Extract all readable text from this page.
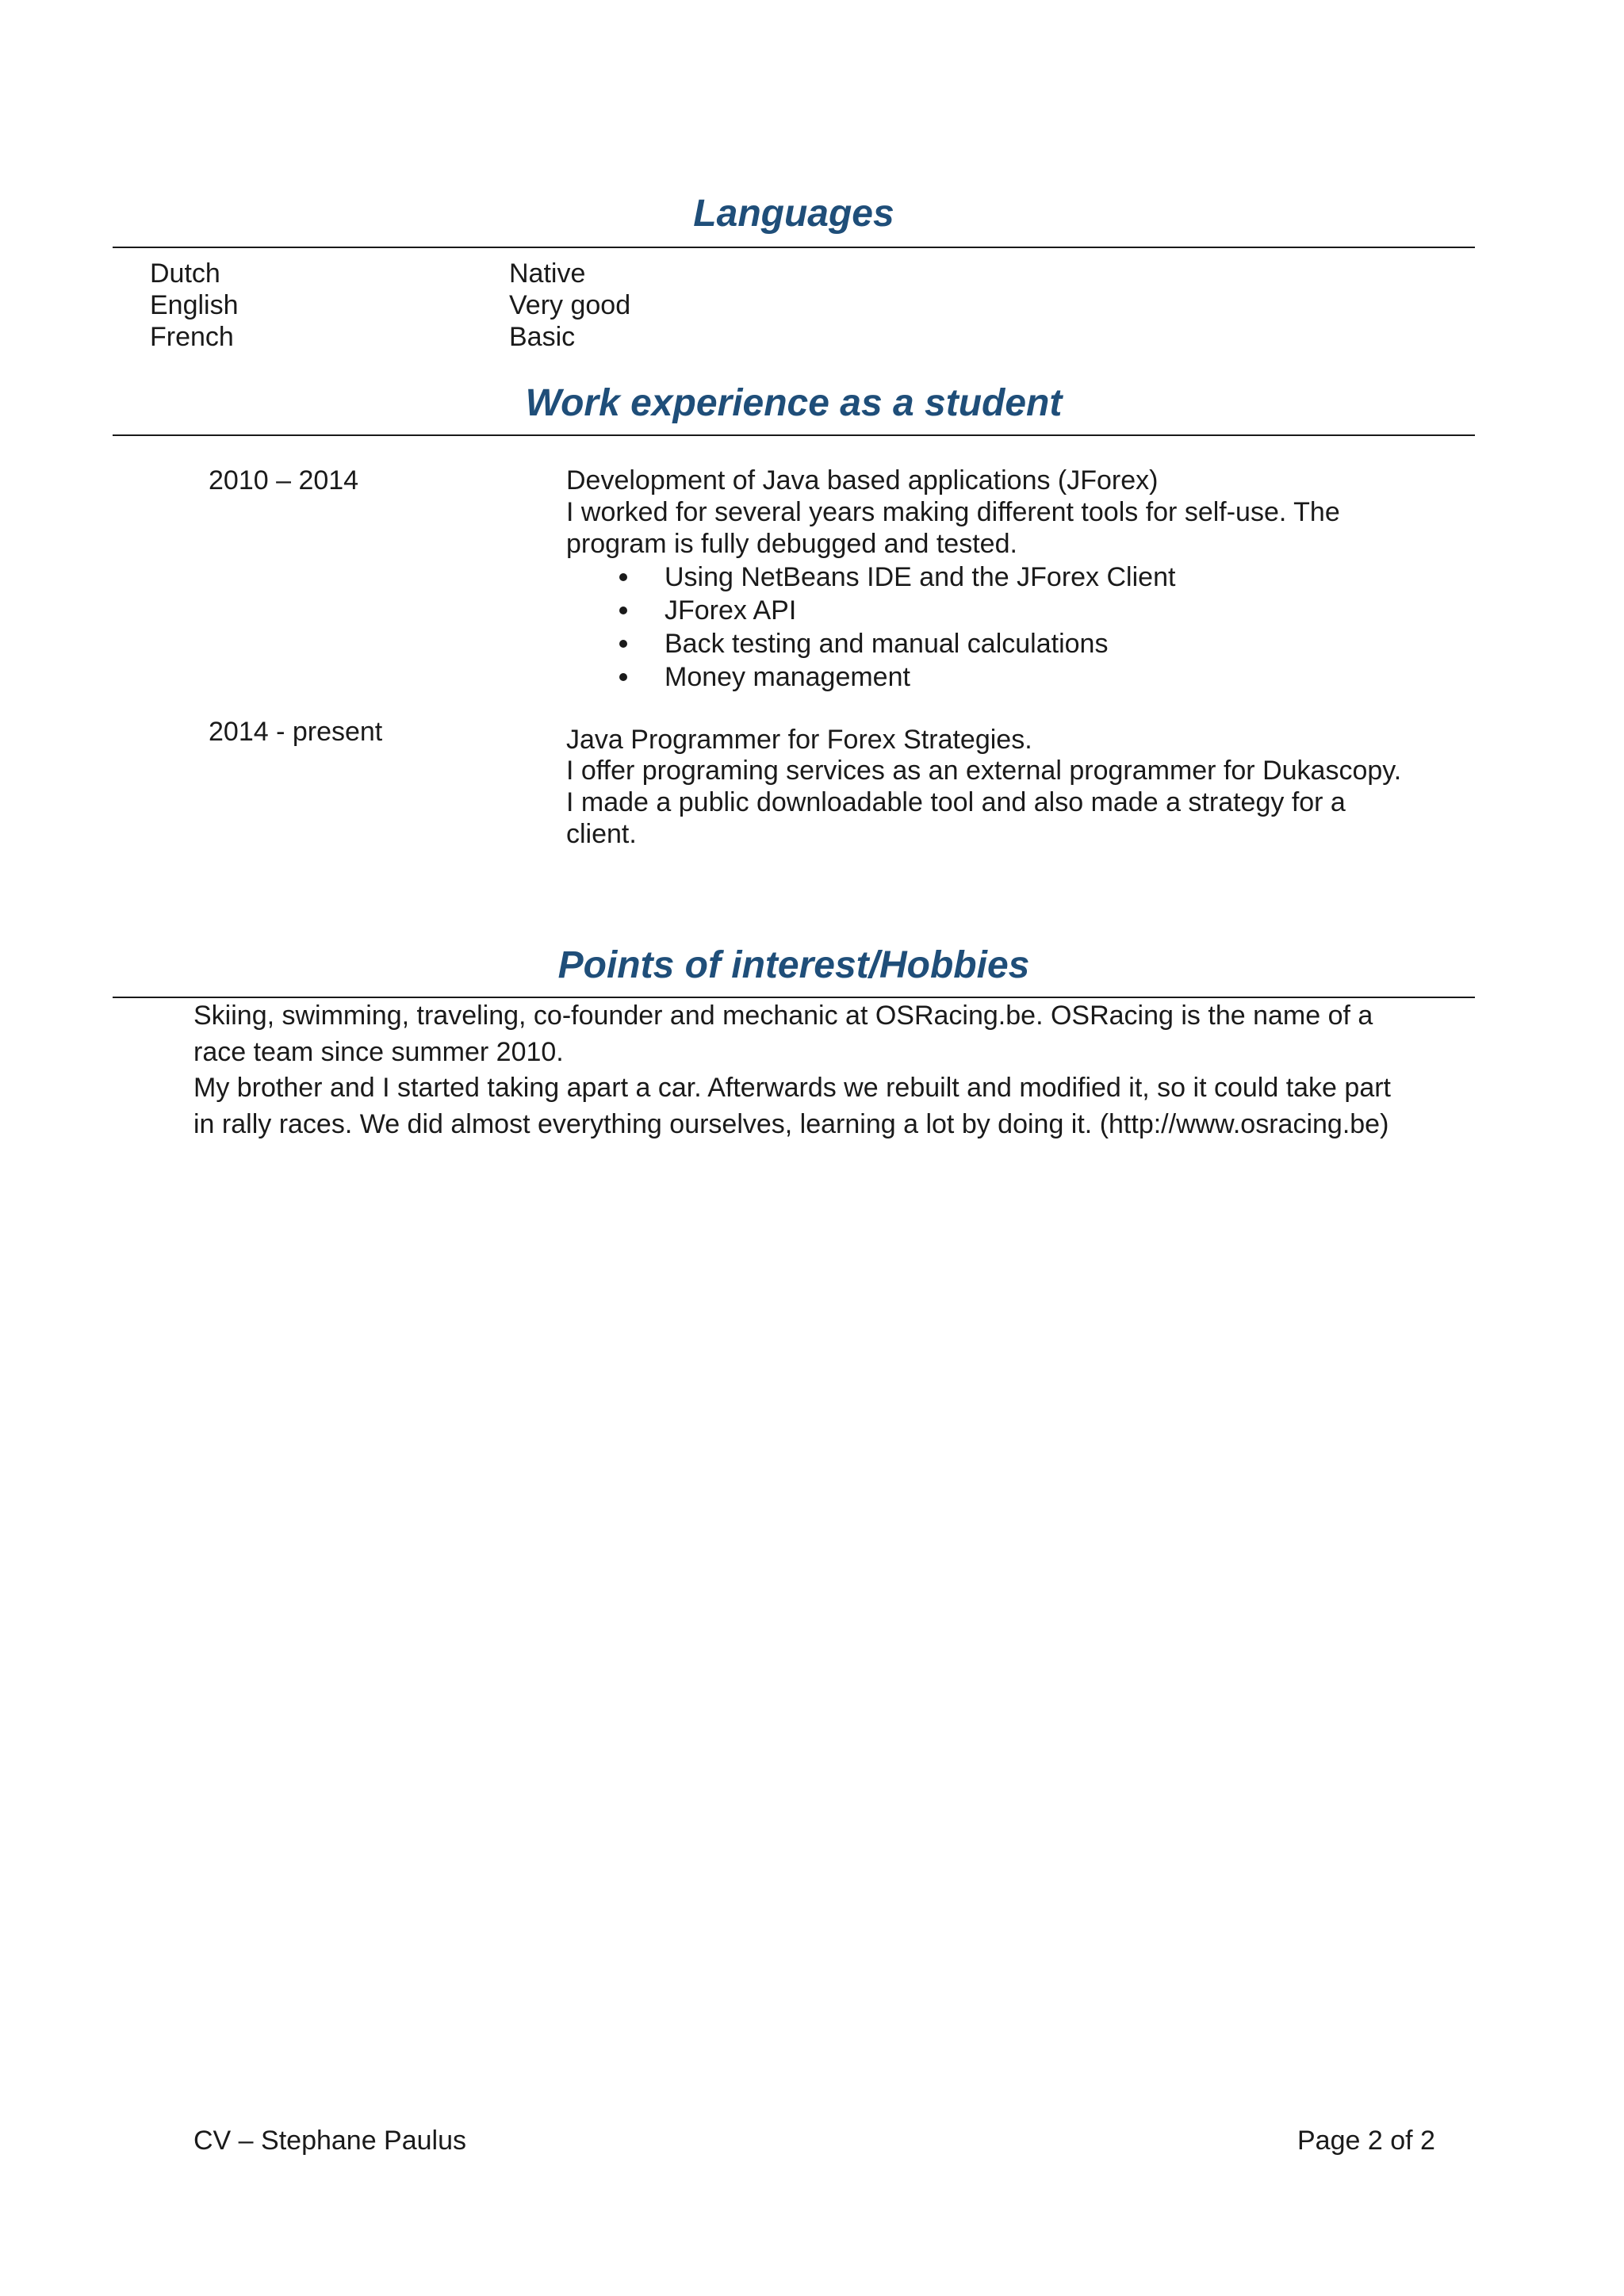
Languages
Dutch	Native
English	Very good
French	Basic
Work experience as a student
2010 – 2014	Development of Java based applications (JForex)
I worked for several years making different tools for self-use. The
program is fully debugged and tested.
Using NetBeans IDE and the JForex Client
JForex API
Back testing and manual calculations
Money management
2014 - present	Java Programmer for Forex Strategies.
I offer programing services as an external programmer for Dukascopy.
I made a public downloadable tool and also made a strategy for a
client.
Points of interest/Hobbies
Skiing, swimming, traveling, co-founder and mechanic at OSRacing.be. OSRacing is the name of a
race team since summer 2010.
My brother and I started taking apart a car. Afterwards we rebuilt and modified it, so it could take part
in rally races. We did almost everything ourselves, learning a lot by doing it. (http://www.osracing.be)
CV – Stephane Paulus	Page 2 of 2
